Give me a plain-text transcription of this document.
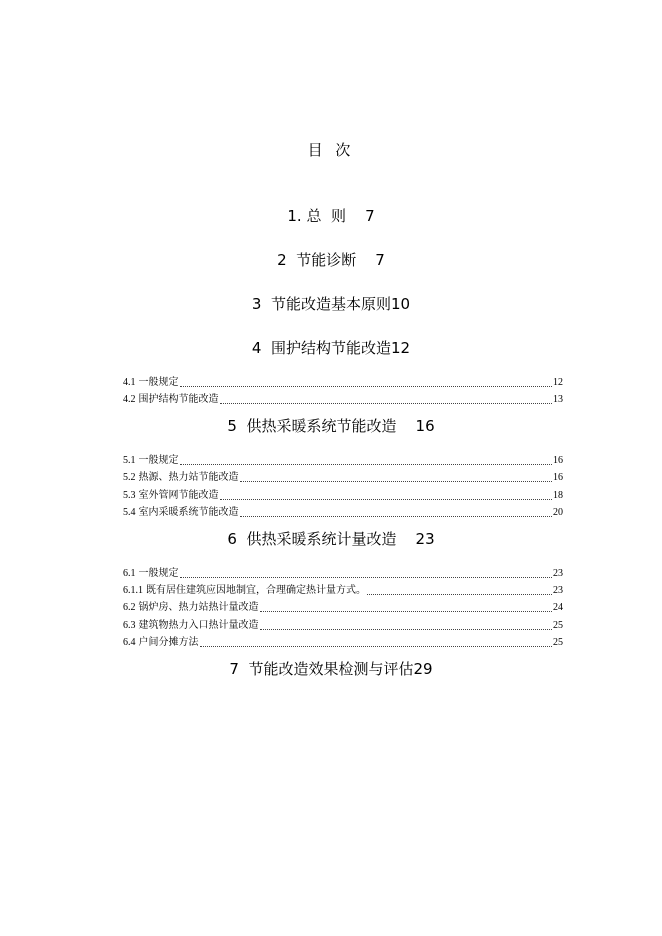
目 次
1. 总  则    7
2  节能诊断    7
3  节能改造基本原则10
4  围护结构节能改造12
4.1 一般规定	12
4.2 围护结构节能改造	13
5  供热采暖系统节能改造    16
5.1 一般规定	16
5.2 热源、热力站节能改造	16
5.3 室外管网节能改造	18
5.4 室内采暖系统节能改造	20
6  供热采暖系统计量改造    23
6.1 一般规定	23
6.1.1 既有居住建筑应因地制宜，合理确定热计量方式。	23
6.2 锅炉房、热力站热计量改造	24
6.3 建筑物热力入口热计量改造	25
6.4 户间分摊方法	25
7  节能改造效果检测与评估29
